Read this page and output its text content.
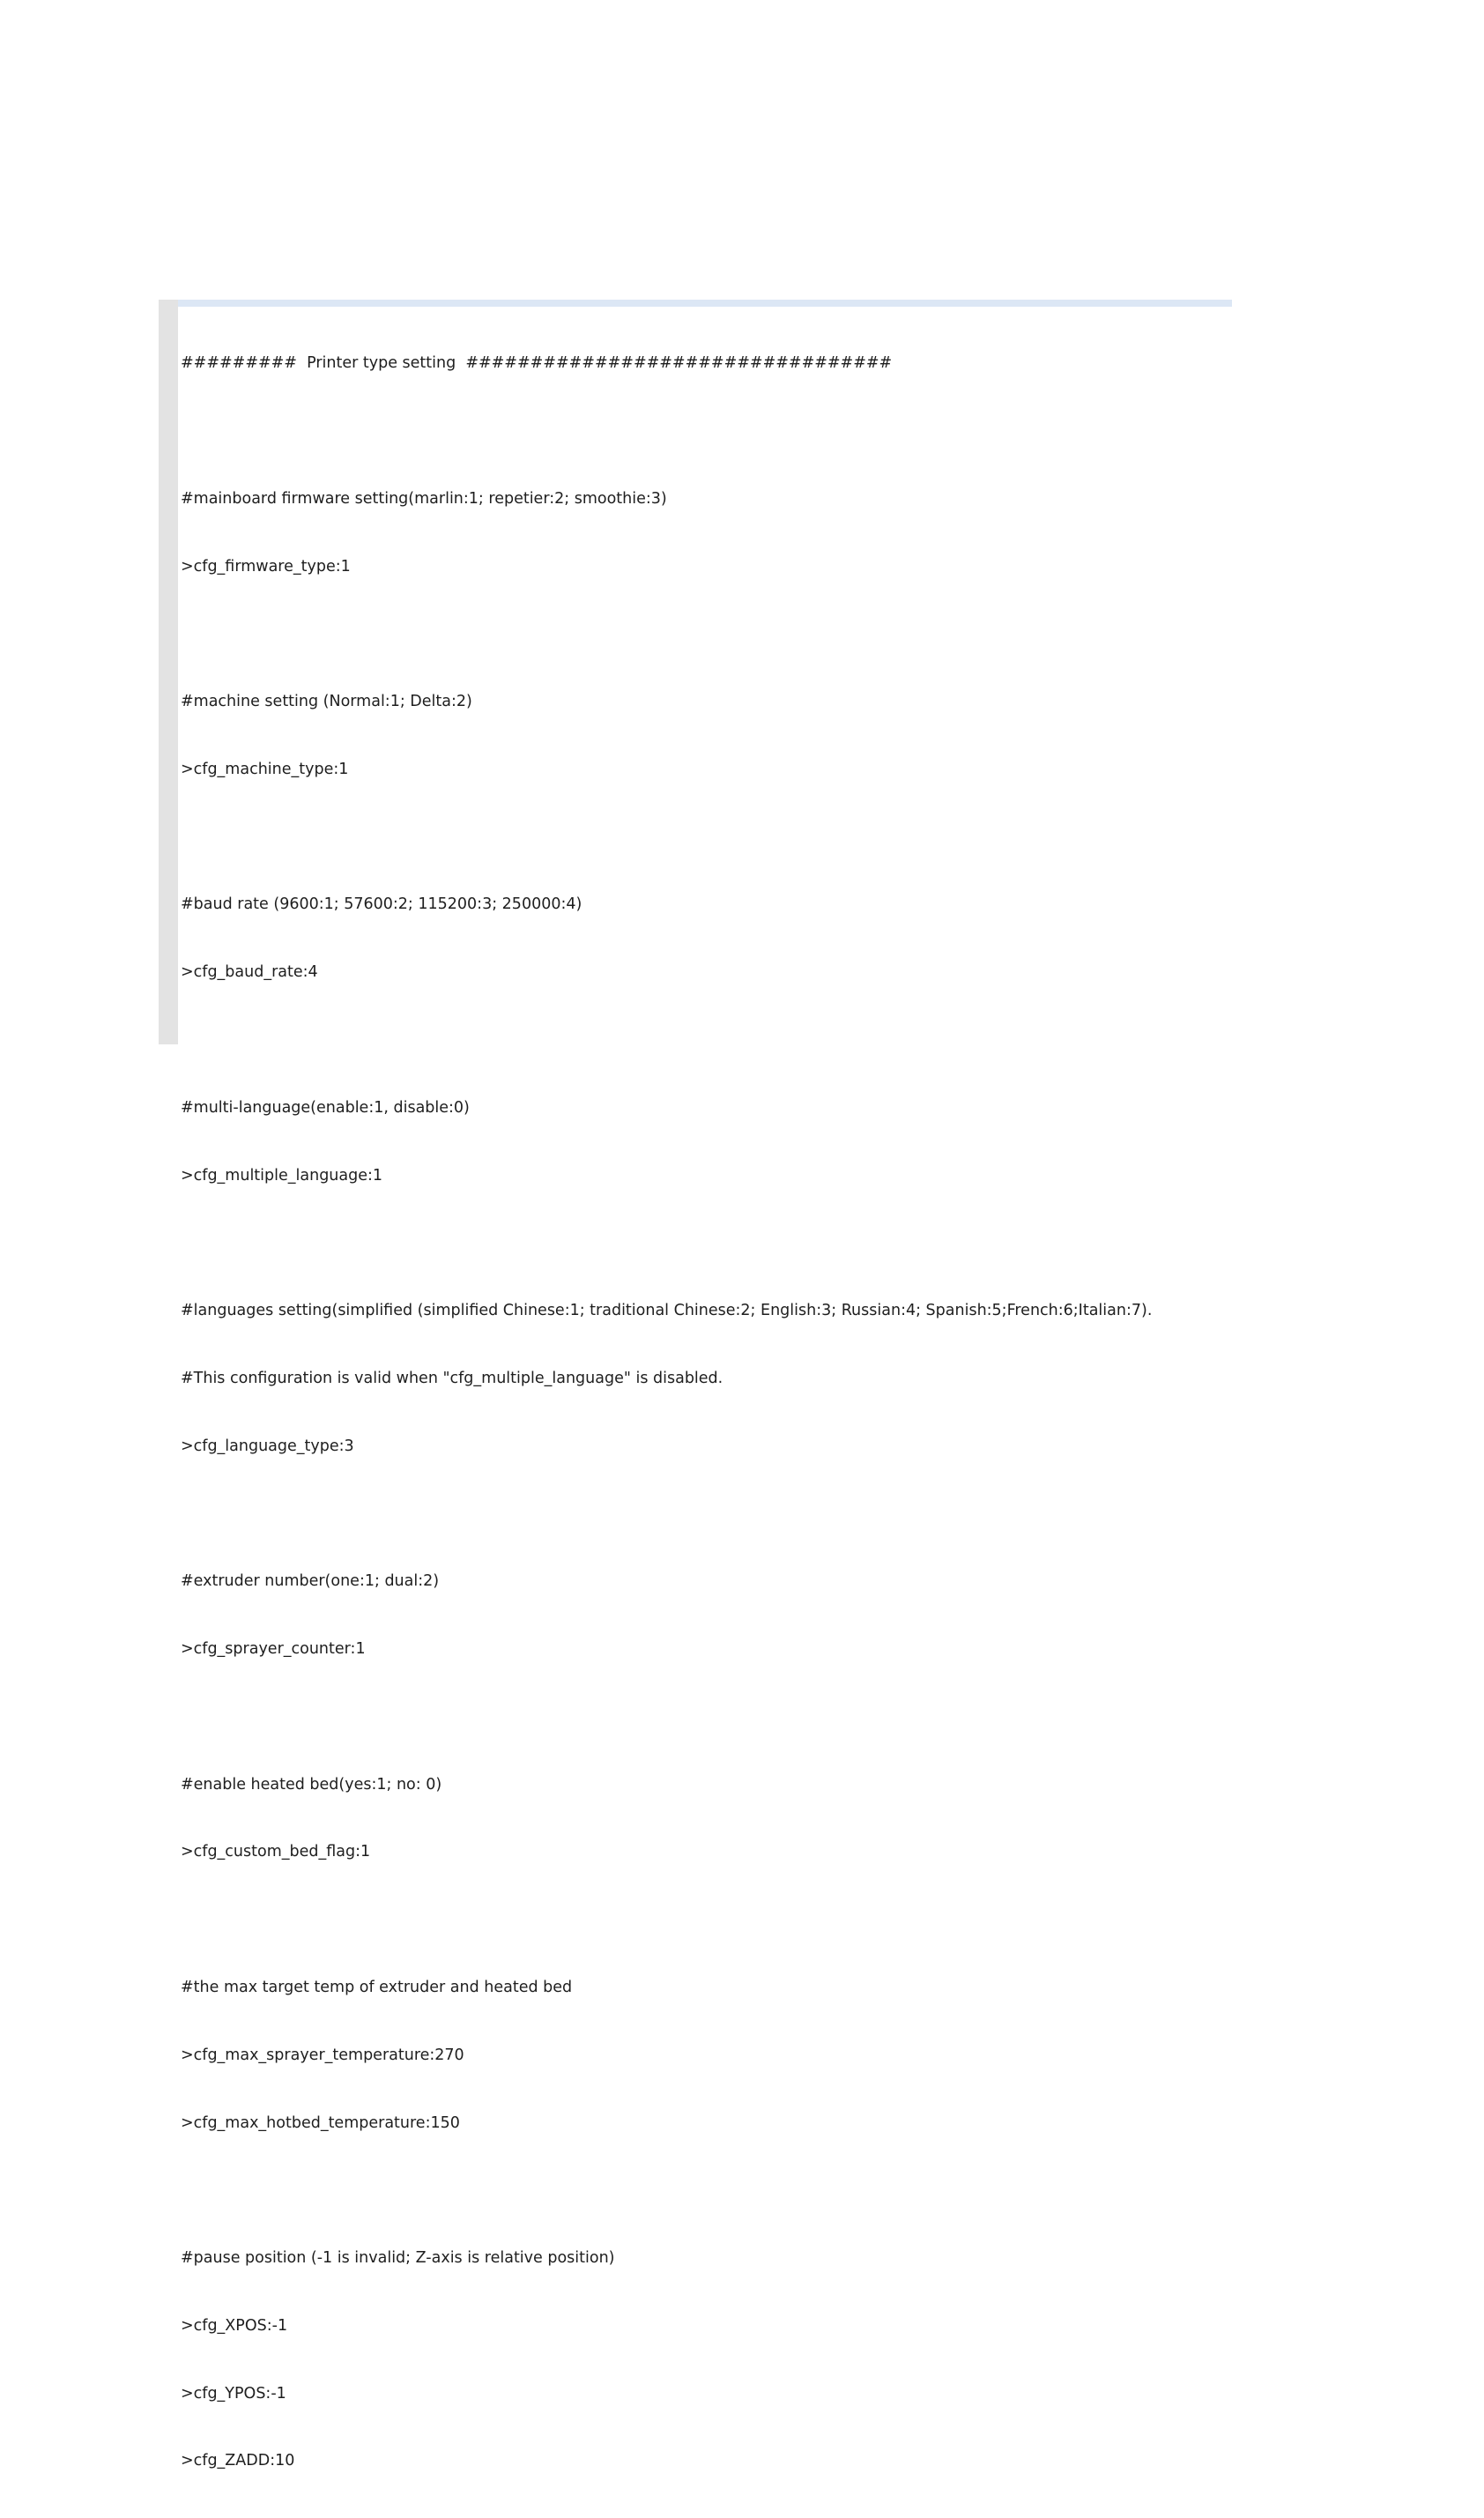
#########  Printer type setting  #################################

#mainboard firmware setting(marlin:1; repetier:2; smoothie:3)

>cfg_firmware_type:1

#machine setting (Normal:1; Delta:2)

>cfg_machine_type:1

#baud rate (9600:1; 57600:2; 115200:3; 250000:4)

>cfg_baud_rate:4

#multi-language(enable:1, disable:0)

>cfg_multiple_language:1

#languages setting(simplified (simplified Chinese:1; traditional Chinese:2; English:3; Russian:4; Spanish:5;French:6;Italian:7).

#This configuration is valid when "cfg_multiple_language" is disabled.

>cfg_language_type:3

#extruder number(one:1; dual:2)

>cfg_sprayer_counter:1

#enable heated bed(yes:1; no: 0)

>cfg_custom_bed_flag:1

#the max target temp of extruder and heated bed

>cfg_max_sprayer_temperature:270

>cfg_max_hotbed_temperature:150

#pause position (-1 is invalid; Z-axis is relative position)

>cfg_XPOS:-1

>cfg_YPOS:-1

>cfg_ZADD:10
